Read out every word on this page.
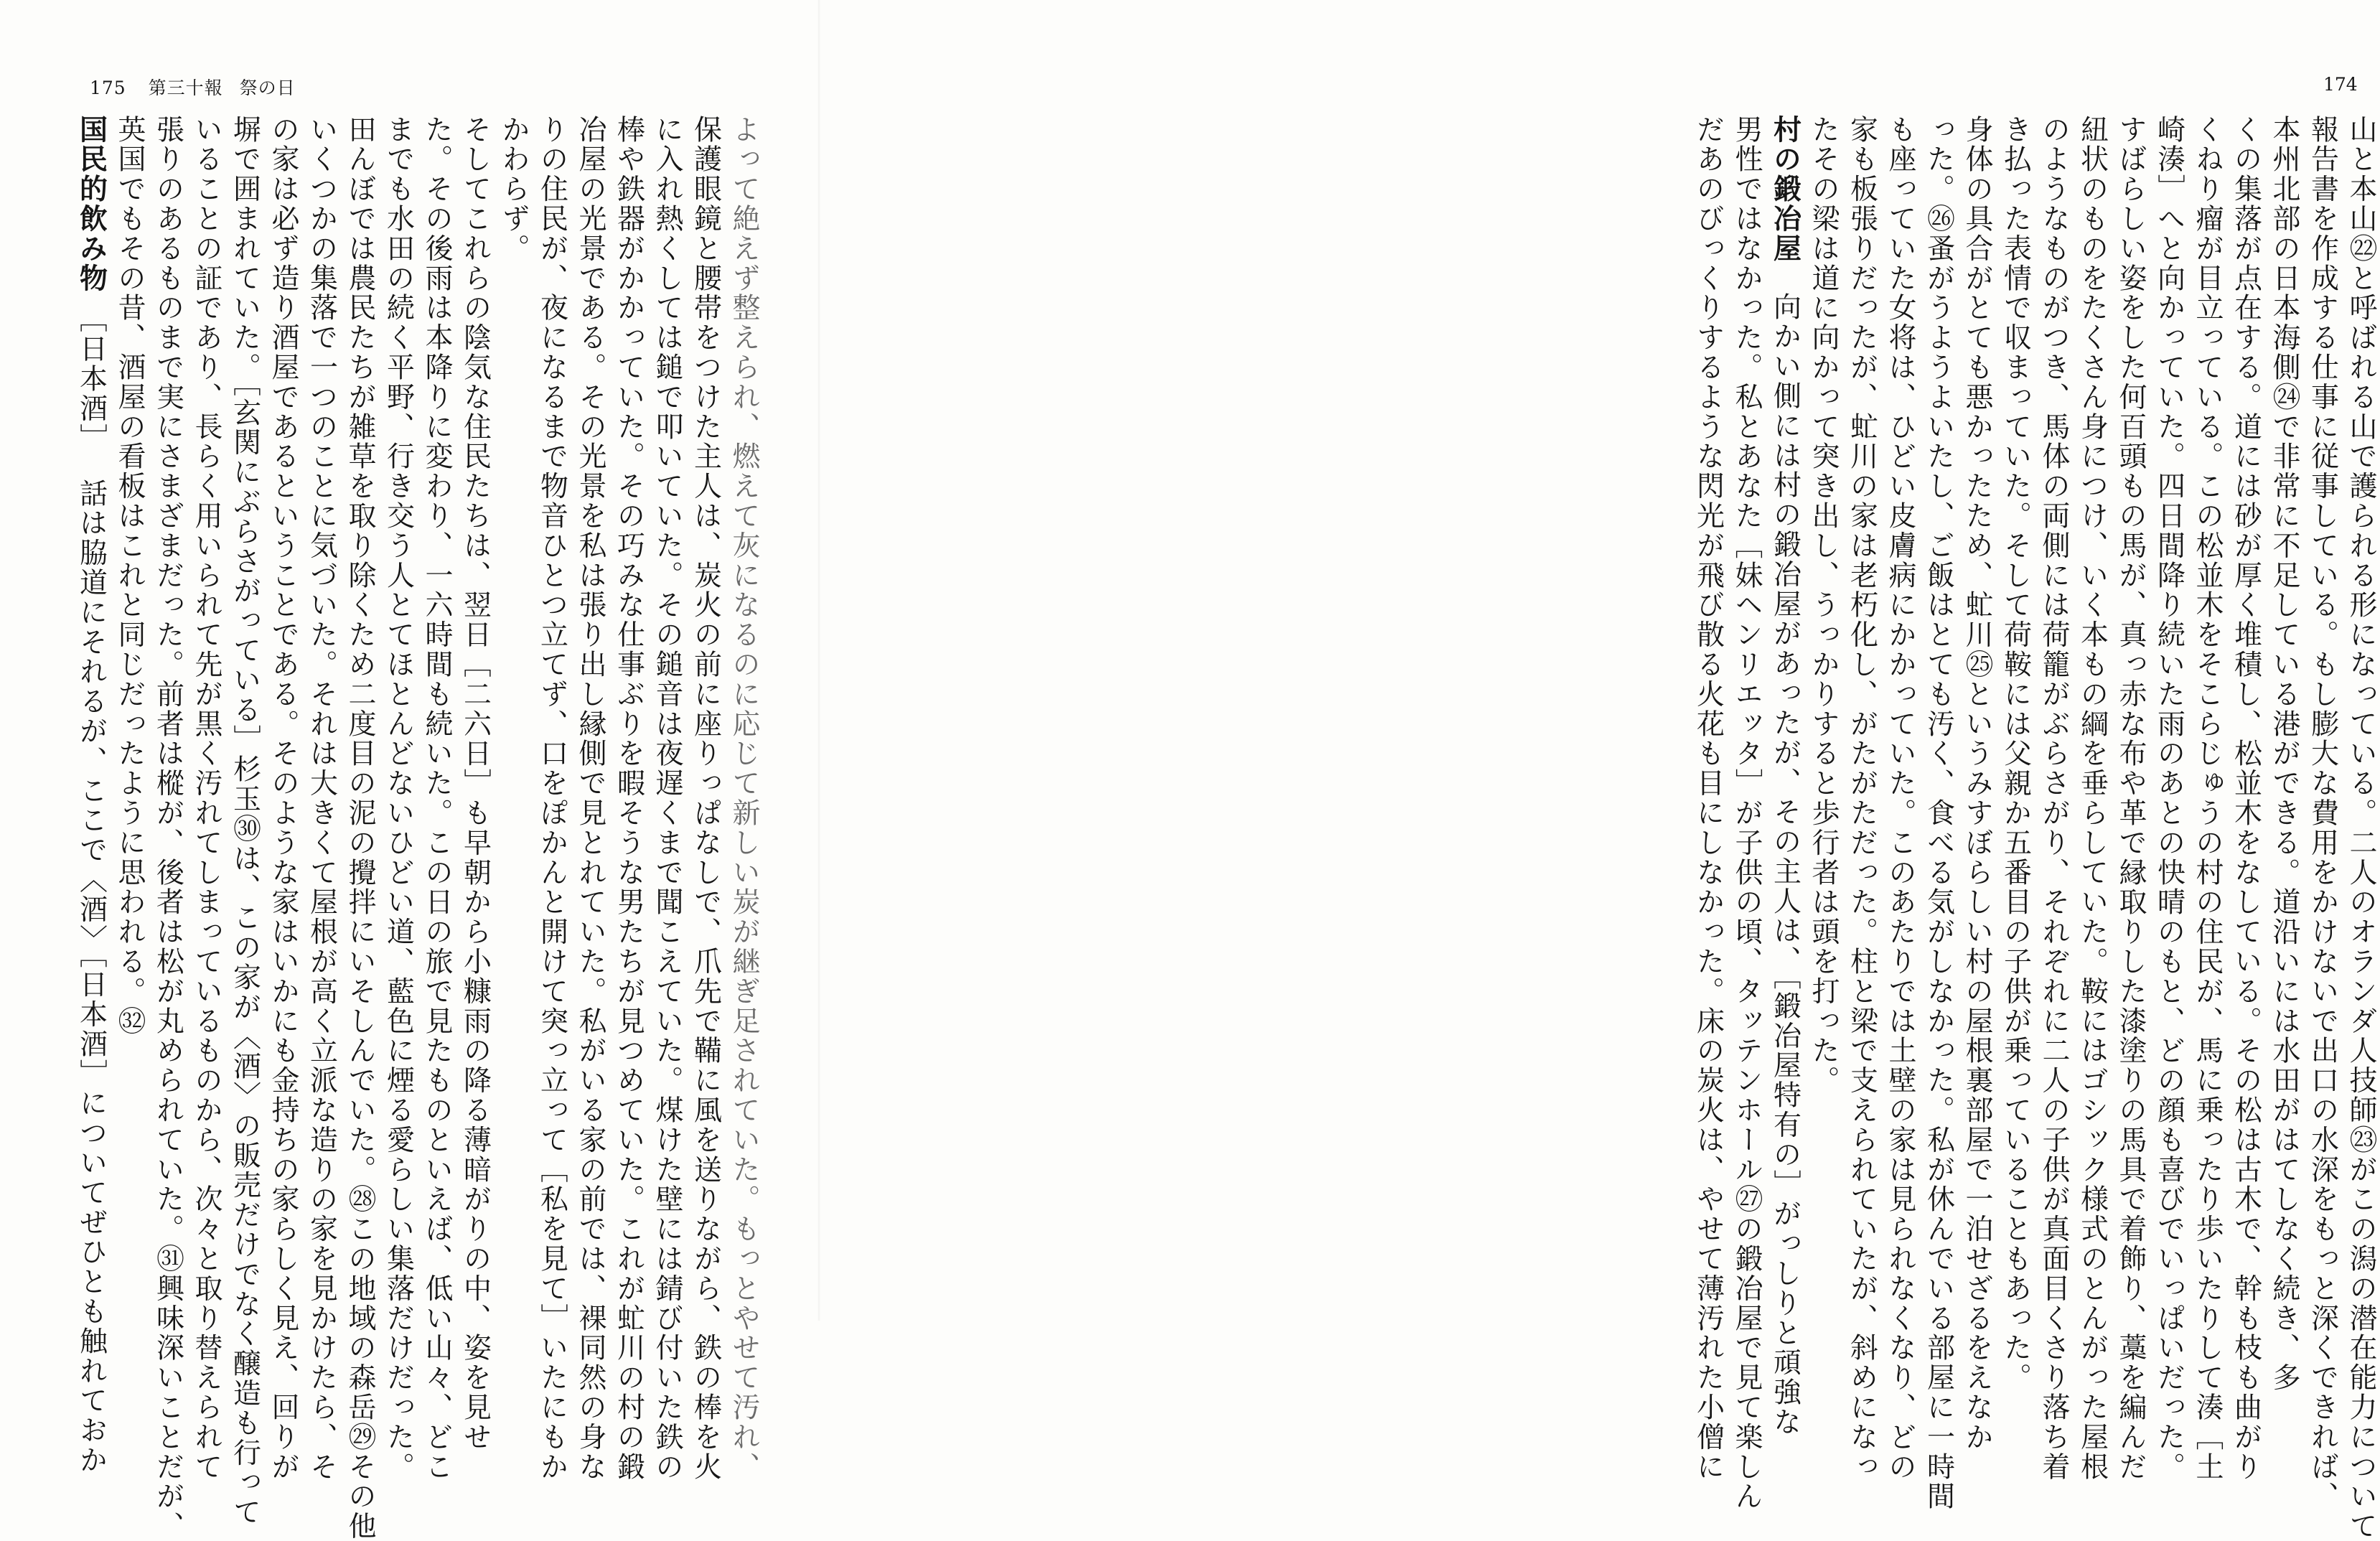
175 第三十報 祭の日
よって絶えず整えられ、燃えて灰になるのに応じて新しい炭が継ぎ足されていた。もっとやせて汚れ、
保護眼鏡と腰帯をつけた主人は、炭火の前に座りっぱなしで、爪先で鞴に風を送りながら、鉄の棒を火
に入れ熱くしては鎚で叩いていた。その鎚音は夜遅くまで聞こえていた。煤けた壁には錆び付いた鉄の
棒や鉄器がかかっていた。その巧みな仕事ぶりを暇そうな男たちが見つめていた。これが虻川の村の鍛
冶屋の光景である。その光景を私は張り出し縁側で見とれていた。私がいる家の前では、裸同然の身な
りの住民が、夜になるまで物音ひとつ立てず、口をぽかんと開けて突っ立って［私を見て］いたにもか
かわらず。
そしてこれらの陰気な住民たちは、翌日［二六日］も早朝から小糠雨の降る薄暗がりの中、姿を見せ
た。その後雨は本降りに変わり、一六時間も続いた。この日の旅で見たものといえば、低い山々、どこ
までも水田の続く平野、行き交う人とてほとんどないひどい道、藍色に煙る愛らしい集落だけだった。
田んぼでは農民たちが雑草を取り除くため二度目の泥の攪拌にいそしんでいた。㉘この地域の森岳㉙その他
いくつかの集落で一つのことに気づいた。それは大きくて屋根が高く立派な造りの家を見かけたら、そ
の家は必ず造り酒屋であるということである。そのような家はいかにも金持ちの家らしく見え、回りが
塀で囲まれていた。［玄関にぶらさがっている］杉玉㉚は、この家が〈酒〉の販売だけでなく醸造も行って
いることの証であり、長らく用いられて先が黒く汚れてしまっているものから、次々と取り替えられて
張りのあるものまで実にさまざまだった。前者は樅が、後者は松が丸められていた。㉛興味深いことだが、
英国でもその昔、酒屋の看板はこれと同じだったように思われる。㉜
国民的飲み物 ［日本酒］ 話は脇道にそれるが、ここで〈酒〉［日本酒］についてぜひとも触れておか
174
山と本山㉒と呼ばれる山で護られる形になっている。二人のオランダ人技師㉓がこの潟の潜在能力について
報告書を作成する仕事に従事している。もし膨大な費用をかけないで出口の水深をもっと深くできれば、
本州北部の日本海側㉔で非常に不足している港ができる。道沿いには水田がはてしなく続き、多
くの集落が点在する。道には砂が厚く堆積し、松並木をなしている。その松は古木で、幹も枝も曲がり
くねり瘤が目立っている。この松並木をそこらじゅうの村の住民が、馬に乗ったり歩いたりして湊［土
崎湊］へと向かっていた。四日間降り続いた雨のあとの快晴のもと、どの顔も喜びでいっぱいだった。
すばらしい姿をした何百頭もの馬が、真っ赤な布や革で縁取りした漆塗りの馬具で着飾り、藁を編んだ
紐状のものをたくさん身につけ、いく本もの綱を垂らしていた。鞍にはゴシック様式のとんがった屋根
のようなものがつき、馬体の両側には荷籠がぶらさがり、それぞれに二人の子供が真面目くさり落ち着
き払った表情で収まっていた。そして荷鞍には父親か五番目の子供が乗っていることもあった。
身体の具合がとても悪かったため、虻川㉕というみすぼらしい村の屋根裏部屋で一泊せざるをえなか
った。㉖蚤がうようよいたし、ご飯はとても汚く、食べる気がしなかった。私が休んでいる部屋に一時間
も座っていた女将は、ひどい皮膚病にかかっていた。このあたりでは土壁の家は見られなくなり、どの
家も板張りだったが、虻川の家は老朽化し、がたがただった。柱と梁で支えられていたが、斜めになっ
たその梁は道に向かって突き出し、うっかりすると歩行者は頭を打った。
村の鍛冶屋 向かい側には村の鍛冶屋があったが、その主人は、［鍛冶屋特有の］がっしりと頑強な
男性ではなかった。私とあなた［妹ヘンリエッタ］が子供の頃、タッテンホール㉗の鍛冶屋で見て楽しん
だあのびっくりするような閃光が飛び散る火花も目にしなかった。床の炭火は、やせて薄汚れた小僧に
